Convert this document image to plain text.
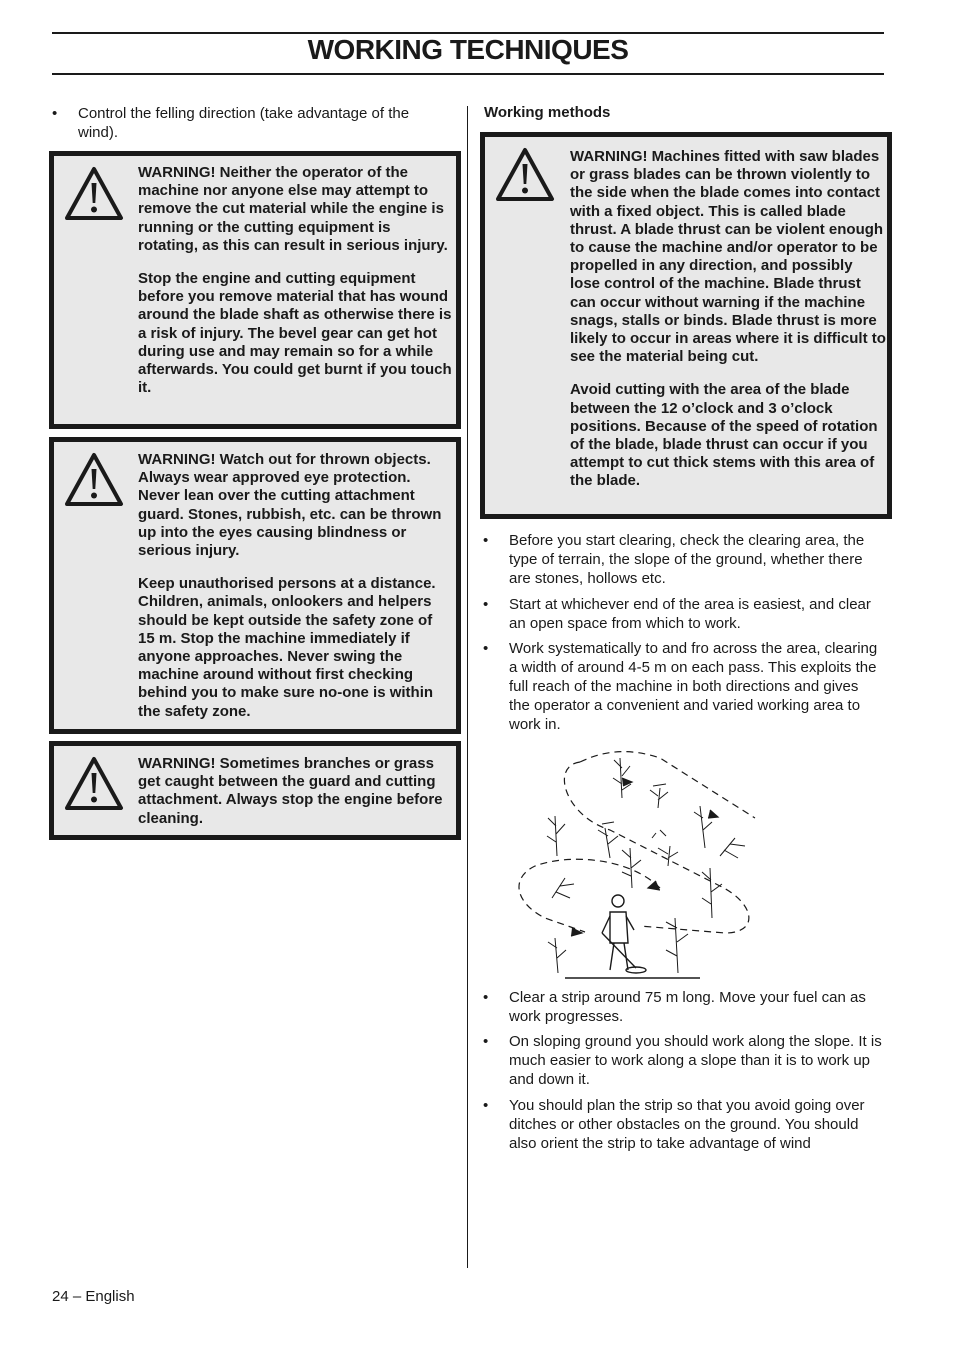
WORKING TECHNIQUES
• Control the felling direction (take advantage of the wind).

WARNING! Neither the operator of the machine nor anyone else may attempt to remove the cut material while the engine is running or the cutting equipment is rotating, as this can result in serious injury.

Stop the engine and cutting equipment before you remove material that has wound around the blade shaft as otherwise there is a risk of injury. The bevel gear can get hot during use and may remain so for a while afterwards. You could get burnt if you touch it.

WARNING! Watch out for thrown objects. Always wear approved eye protection. Never lean over the cutting attachment guard. Stones, rubbish, etc. can be thrown up into the eyes causing blindness or serious injury.

Keep unauthorised persons at a distance. Children, animals, onlookers and helpers should be kept outside the safety zone of 15 m. Stop the machine immediately if anyone approaches. Never swing the machine around without first checking behind you to make sure no-one is within the safety zone.

WARNING! Sometimes branches or grass get caught between the guard and cutting attachment. Always stop the engine before cleaning.

Working methods

WARNING! Machines fitted with saw blades or grass blades can be thrown violently to the side when the blade comes into contact with a fixed object. This is called blade thrust. A blade thrust can be violent enough to cause the machine and/or operator to be propelled in any direction, and possibly lose control of the machine. Blade thrust can occur without warning if the machine snags, stalls or binds. Blade thrust is more likely to occur in areas where it is difficult to see the material being cut.

Avoid cutting with the area of the blade between the 12 o’clock and 3 o’clock positions. Because of the speed of rotation of the blade, blade thrust can occur if you attempt to cut thick stems with this area of the blade.

• Before you start clearing, check the clearing area, the type of terrain, the slope of the ground, whether there are stones, hollows etc.
• Start at whichever end of the area is easiest, and clear an open space from which to work.
• Work systematically to and fro across the area, clearing a width of around 4-5 m on each pass. This exploits the full reach of the machine in both directions and gives the operator a convenient and varied working area to work in.
• Clear a strip around 75 m long. Move your fuel can as work progresses.
• On sloping ground you should work along the slope. It is much easier to work along a slope than it is to work up and down it.
• You should plan the strip so that you avoid going over ditches or other obstacles on the ground. You should also orient the strip to take advantage of wind
24 – English
